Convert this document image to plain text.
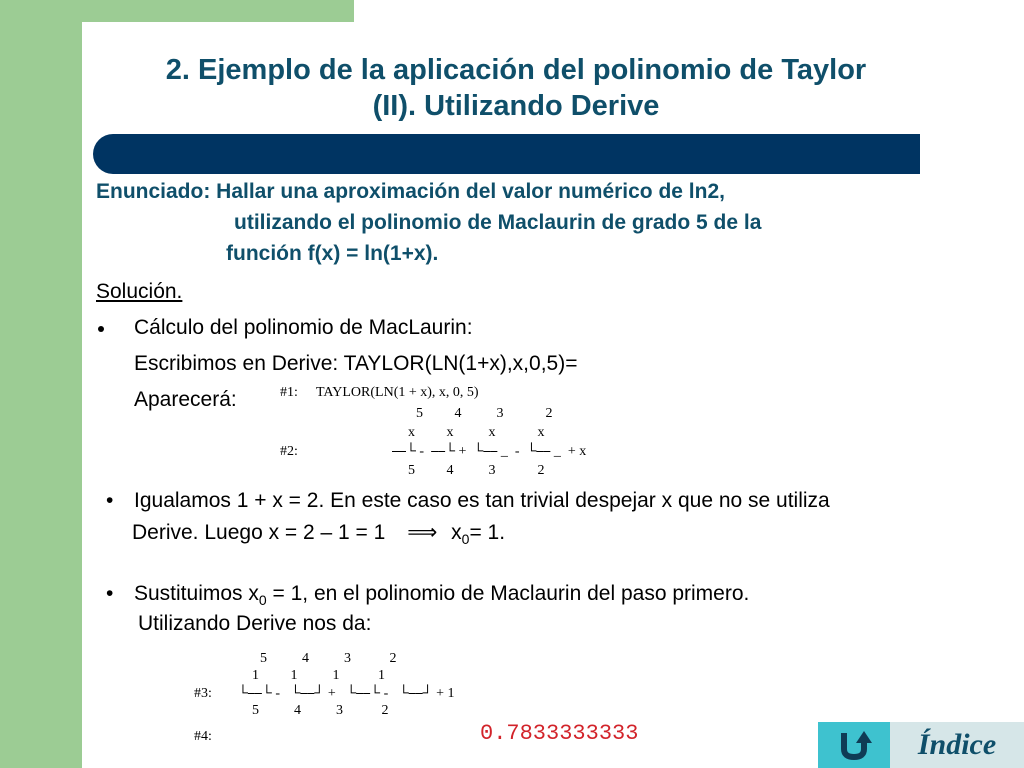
2. Ejemplo de la aplicación del polinomio de Taylor
(II). Utilizando Derive
Enunciado: Hallar una aproximación del valor numérico de ln2,
utilizando el polinomio de Maclaurin de grado 5 de la
función f(x) = ln(1+x).
Solución.
Cálculo del polinomio de MacLaurin:
Escribimos en Derive: TAYLOR(LN(1+x),x,0,5)=
Aparecerá:	#1: TAYLOR(LN(1 + x), x, 0, 5)
5         4          3            2
x         x          x            x
#2:	⎯⎯└ -  ⎯⎯└ +  └⎯⎯ _  -  └⎯⎯ _  + x
5         4          3            2
• Igualamos 1 + x = 2. En este caso es tan trivial despejar x que no se utiliza
Derive. Luego x = 2 – 1 = 1 ⟹ $x_0= 1$.
• Sustituimos $x_0 = 1$, en el polinomio de Maclaurin del paso primero.
Utilizando Derive nos da:
5          4          3           2
1         1          1           1
#3: └⎯⎯└ -   └⎯⎯┘ +   └⎯⎯└ -   └⎯⎯┘ + 1
5          4          3           2
#4:	0.7833333333	Índice
